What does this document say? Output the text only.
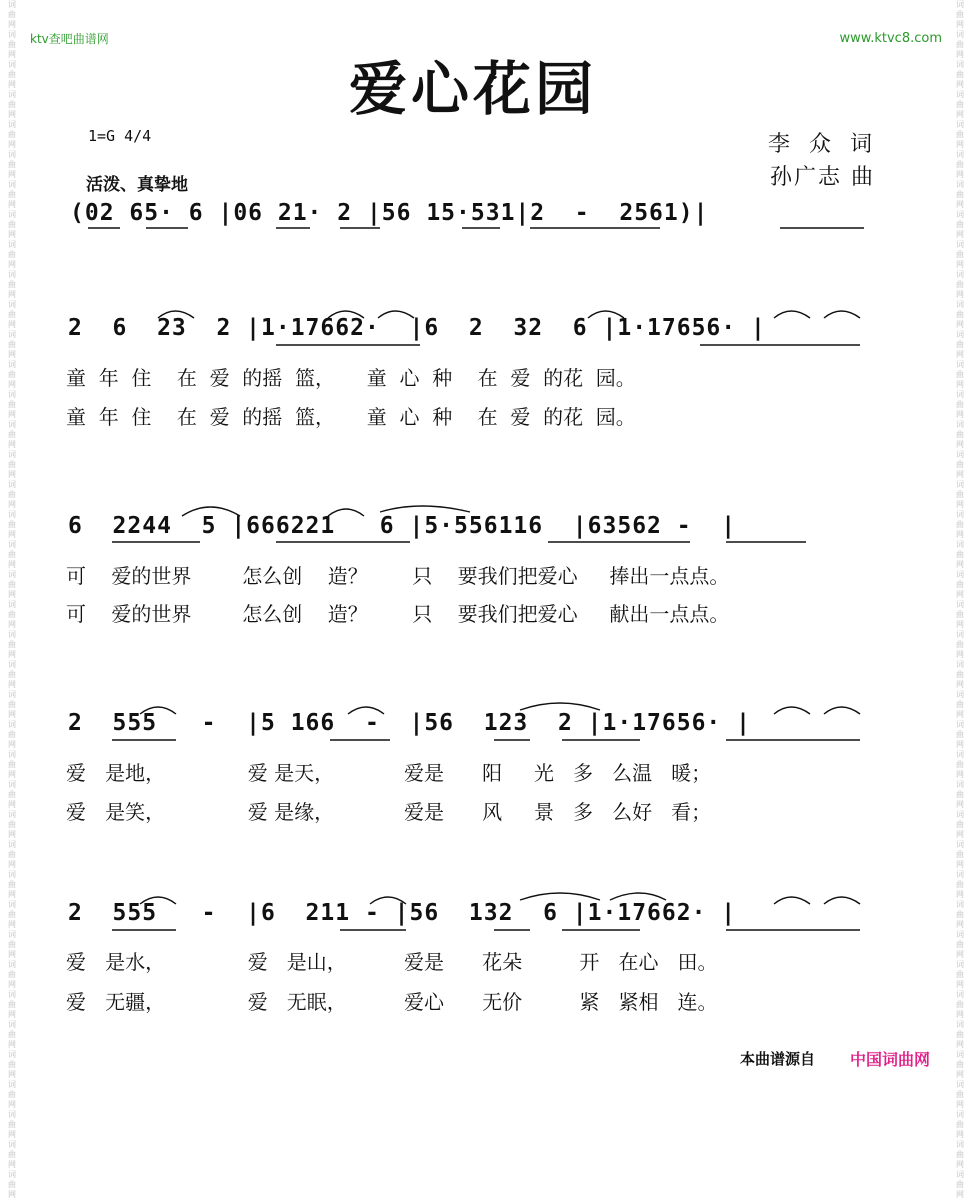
词曲网 词曲网 词曲网 词曲网 词曲网 词曲网 词曲网 词曲网 词曲网 词曲网 词曲网 词曲网 词曲网 词曲网 词曲网 词曲网 词曲网 词曲网 词曲网 词曲网 词曲网 词曲网 词曲网 词曲网 词曲网 词曲网 词曲网 词曲网 词曲网 词曲网 词曲网 词曲网 词曲网 词曲网 词曲网 词曲网 词曲网 词曲网 词曲网 词曲网
词曲网 词曲网 词曲网 词曲网 词曲网 词曲网 词曲网 词曲网 词曲网 词曲网 词曲网 词曲网 词曲网 词曲网 词曲网 词曲网 词曲网 词曲网 词曲网 词曲网 词曲网 词曲网 词曲网 词曲网 词曲网 词曲网 词曲网 词曲网 词曲网 词曲网 词曲网 词曲网 词曲网 词曲网 词曲网 词曲网 词曲网 词曲网 词曲网 词曲网
ktv查吧曲谱网	www.ktvc8.com
爱心花园
1=G 4/4
活泼、真挚地
李 众 词
孙广志 曲
(02 65· 6 |06 21· 2 |56 15·531|2  -  2561)|
2  6  23  2 |1·17662·  |6  2  32  6 |1·17656· |
童  年  住    在  爱  的摇  篮，     童  心  种    在  爱  的花  园。
童  年  住    在  爱  的摇  篮，     童  心  种    在  爱  的花  园。
6  2244  5 |666221   6 |5·556116  |63562 -  |
可    爱的世界        怎么创    造？       只    要我们把爱心     捧出一点点。
可    爱的世界        怎么创    造？       只    要我们把爱心     献出一点点。
2  555   -  |5 166  -  |56  123  2 |1·17656· |
爱   是地，             爱 是天，           爱是      阳     光   多   么温   暖；
爱   是笑，             爱 是缘，           爱是      风     景   多   么好   看；
2  555   -  |6  211 - |56  132  6 |1·17662· |
爱   是水，             爱   是山，         爱是      花朵         开   在心   田。
爱   无疆，             爱   无眠，         爱心      无价         紧   紧相   连。
本曲谱源自 中国词曲网
